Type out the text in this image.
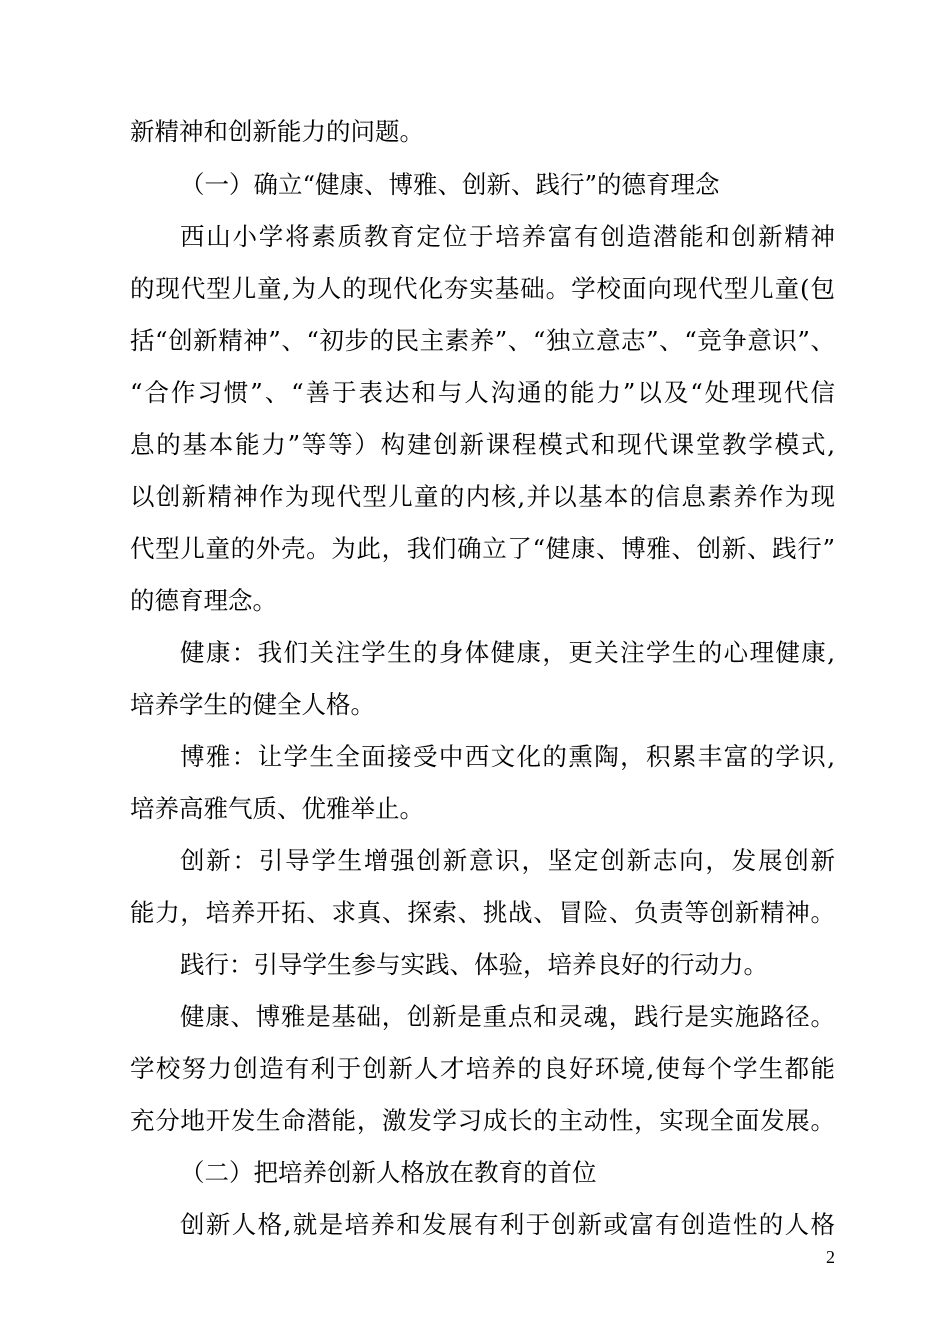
新精神和创新能力的问题。
（一）确立“健康、博雅、创新、践行”的德育理念
西山小学将素质教育定位于培养富有创造潜能和创新精神
的现代型儿童,为人的现代化夯实基础。学校面向现代型儿童(包
括“创新精神”、“初步的民主素养”、“独立意志”、“竞争意识”、
“合作习惯”、“善于表达和与人沟通的能力”以及“处理现代信
息的基本能力”等等）构建创新课程模式和现代课堂教学模式,
以创新精神作为现代型儿童的内核,并以基本的信息素养作为现
代型儿童的外壳。为此，我们确立了“健康、博雅、创新、践行”
的德育理念。
健康：我们关注学生的身体健康，更关注学生的心理健康,
培养学生的健全人格。
博雅：让学生全面接受中西文化的熏陶，积累丰富的学识,
培养高雅气质、优雅举止。
创新：引导学生增强创新意识，坚定创新志向，发展创新
能力，培养开拓、求真、探索、挑战、冒险、负责等创新精神。
践行：引导学生参与实践、体验，培养良好的行动力。
健康、博雅是基础，创新是重点和灵魂，践行是实施路径。
学校努力创造有利于创新人才培养的良好环境,使每个学生都能
充分地开发生命潜能，激发学习成长的主动性，实现全面发展。
（二）把培养创新人格放在教育的首位
创新人格,就是培养和发展有利于创新或富有创造性的人格
2
